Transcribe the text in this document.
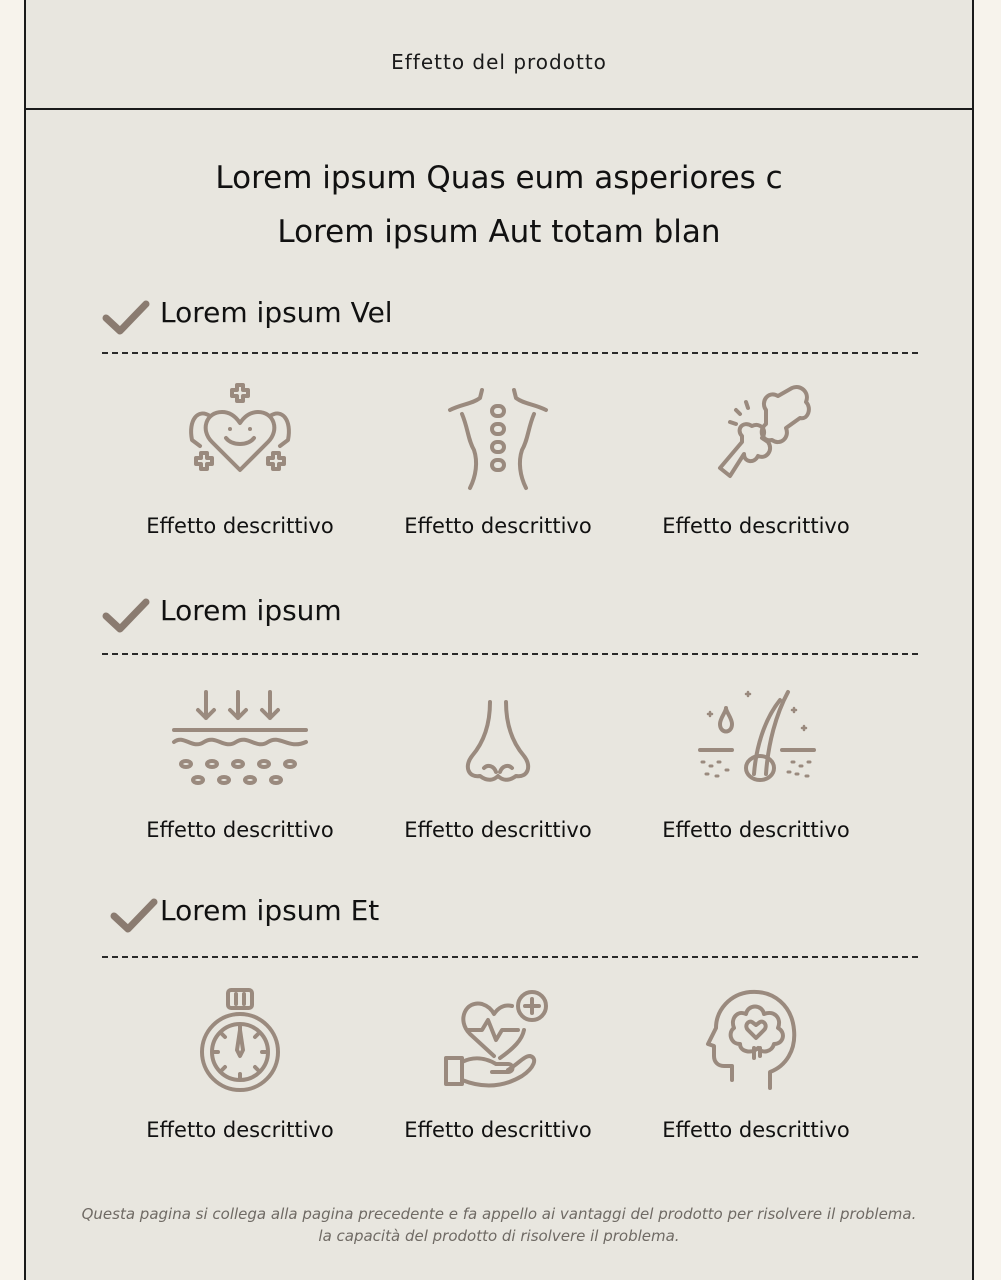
Effetto del prodotto
Lorem ipsum Quas eum asperiores c
Lorem ipsum Aut totam blan
Lorem ipsum Vel
Effetto descrittivo	Effetto descrittivo	Effetto descrittivo
Lorem ipsum
Effetto descrittivo	Effetto descrittivo	Effetto descrittivo
Lorem ipsum Et
Effetto descrittivo	Effetto descrittivo	Effetto descrittivo
Questa pagina si collega alla pagina precedente e fa appello ai vantaggi del prodotto per risolvere il problema.
la capacità del prodotto di risolvere il problema.
